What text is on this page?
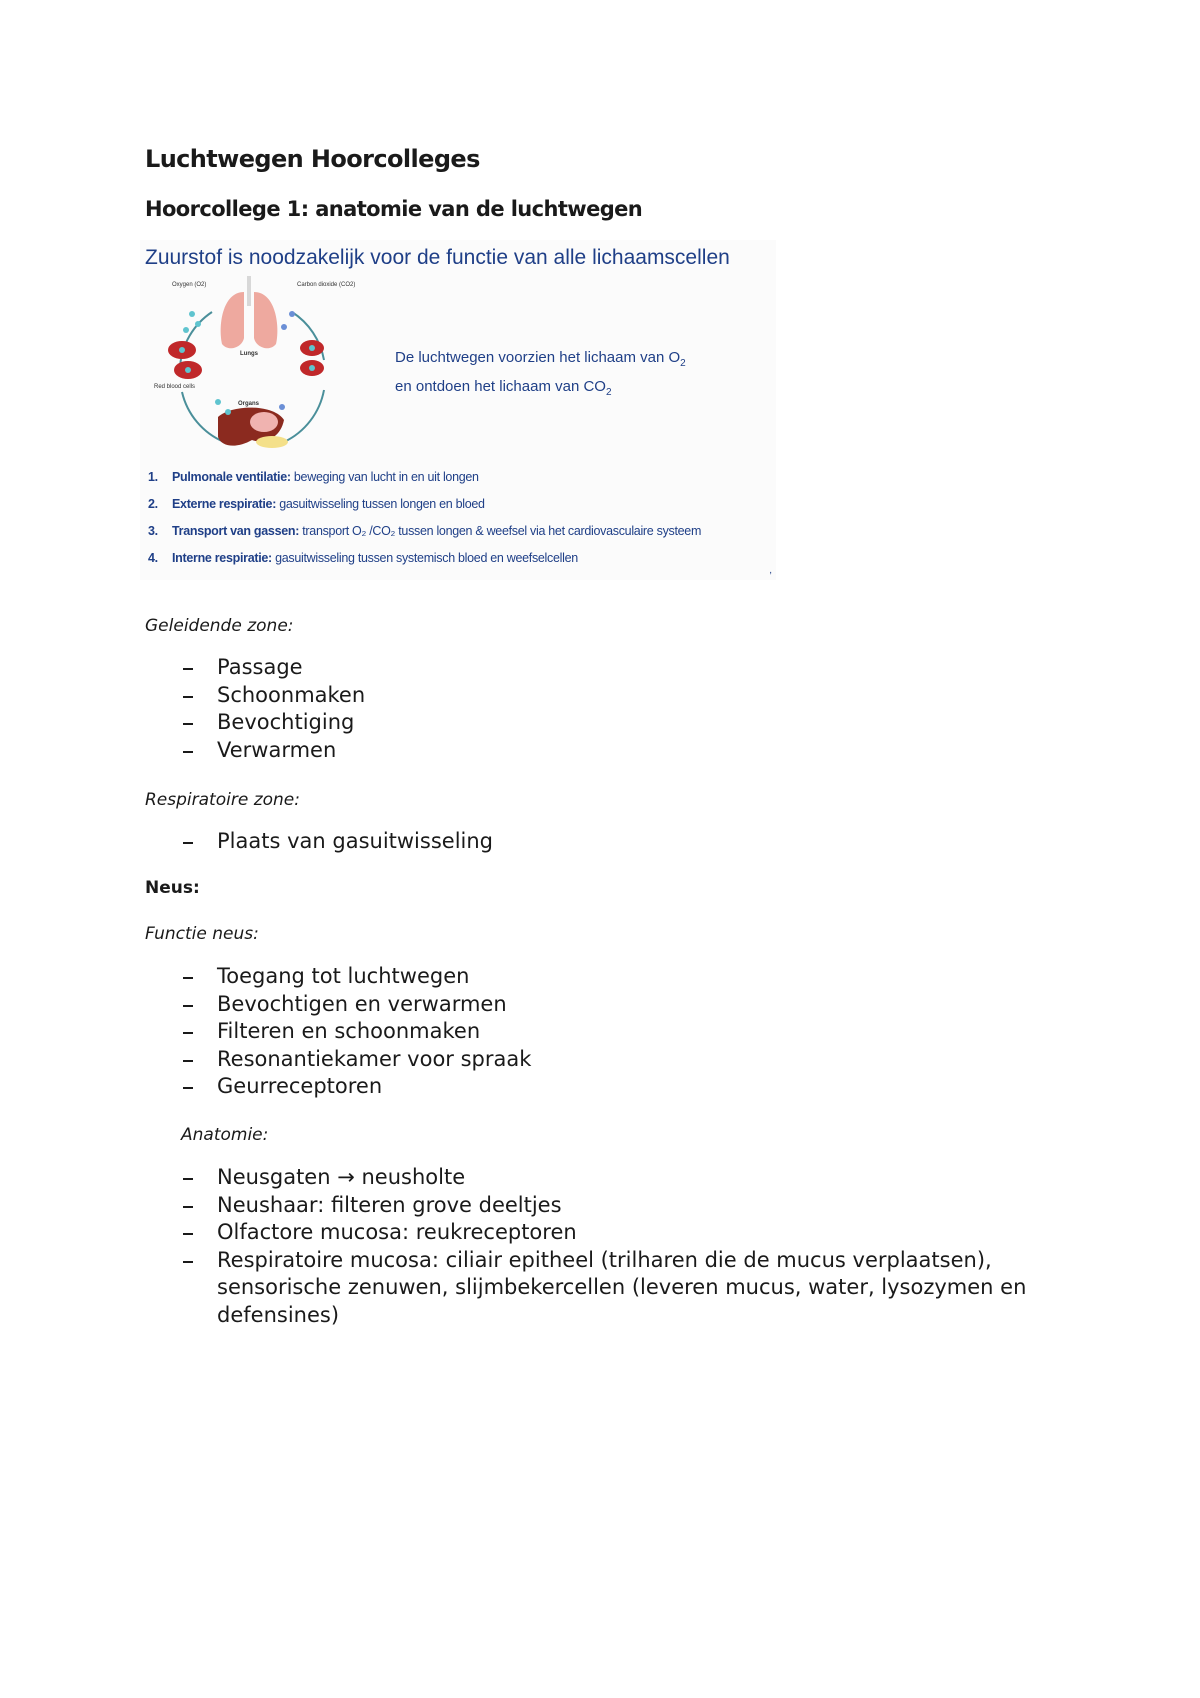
Luchtwegen Hoorcolleges
Hoorcollege 1: anatomie van de luchtwegen
Zuurstof is noodzakelijk voor de functie van alle lichaamscellen
Oxygen (O2)	Carbon dioxide (CO2)
Lungs
Organs
Red blood cells
De luchtwegen voorzien het lichaam van $O_2$
en ontdoen het lichaam van $CO_2$
1. Pulmonale ventilatie: beweging van lucht in en uit longen
2. Externe respiratie: gasuitwisseling tussen longen en bloed
3. Transport van gassen: transport O₂ /CO₂ tussen longen & weefsel via het cardiovasculaire systeem
4. Interne respiratie: gasuitwisseling tussen systemisch bloed en weefselcellen
,

Geleidende zone:

Passage
Schoonmaken
Bevochtiging
Verwarmen

Respiratoire zone:

Plaats van gasuitwisseling

Neus:

Functie neus:

Toegang tot luchtwegen
Bevochtigen en verwarmen
Filteren en schoonmaken
Resonantiekamer voor spraak
Geurreceptoren

Anatomie:

Neusgaten → neusholte
Neushaar: filteren grove deeltjes
Olfactore mucosa: reukreceptoren
Respiratoire mucosa: ciliair epitheel (trilharen die de mucus verplaatsen), sensorische zenuwen, slijmbekercellen (leveren mucus, water, lysozymen en defensines)
